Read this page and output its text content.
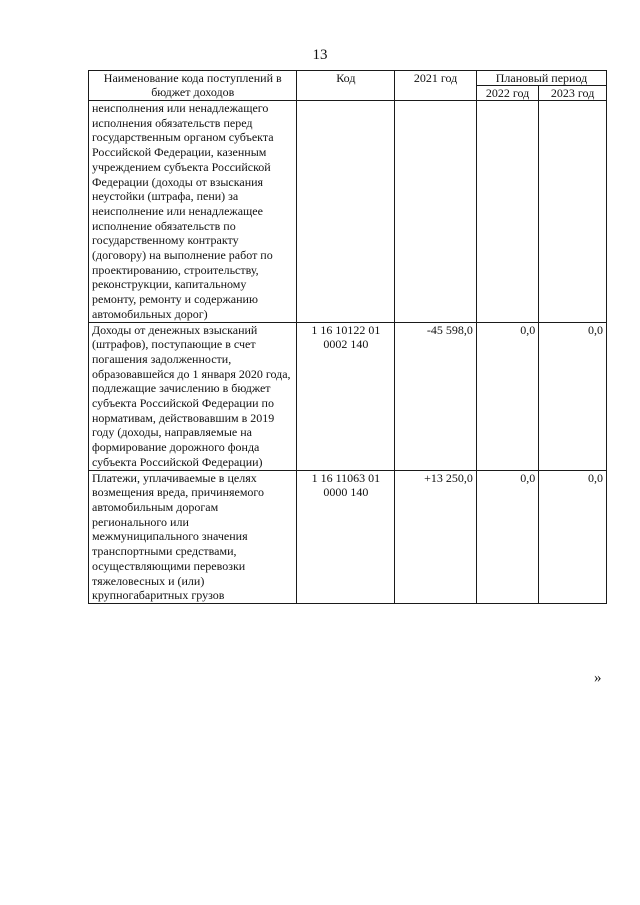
13
Наименование кода поступлений в бюджет доходов	Код	2021 год	Плановый период	
			2022 год	2023 год
неисполнения или ненадлежащего исполнения обязательств перед государственным органом субъекта Российской Федерации, казенным учреждением субъекта Российской Федерации (доходы от взыскания неустойки (штрафа, пени) за неисполнение или ненадлежащее исполнение обязательств по государственному контракту (договору) на выполнение работ по проектированию, строительству, реконструкции, капитальному ремонту, ремонту и содержанию автомобильных дорог)				
Доходы от денежных взысканий (штрафов), поступающие в счет погашения задолженности, образовавшейся до 1 января 2020 года, подлежащие зачислению в бюджет субъекта Российской Федерации по нормативам, действовавшим в 2019 году (доходы, направляемые на формирование дорожного фонда субъекта Российской Федерации)	1 16 10122 01 0002 140	-45 598,0	0,0	0,0
Платежи, уплачиваемые в целях возмещения вреда, причиняемого автомобильным дорогам регионального или межмуниципального значения транспортными средствами, осуществляющими перевозки тяжеловесных и (или) крупногабаритных грузов	1 16 11063 01 0000 140	+13 250,0	0,0	0,0
»
